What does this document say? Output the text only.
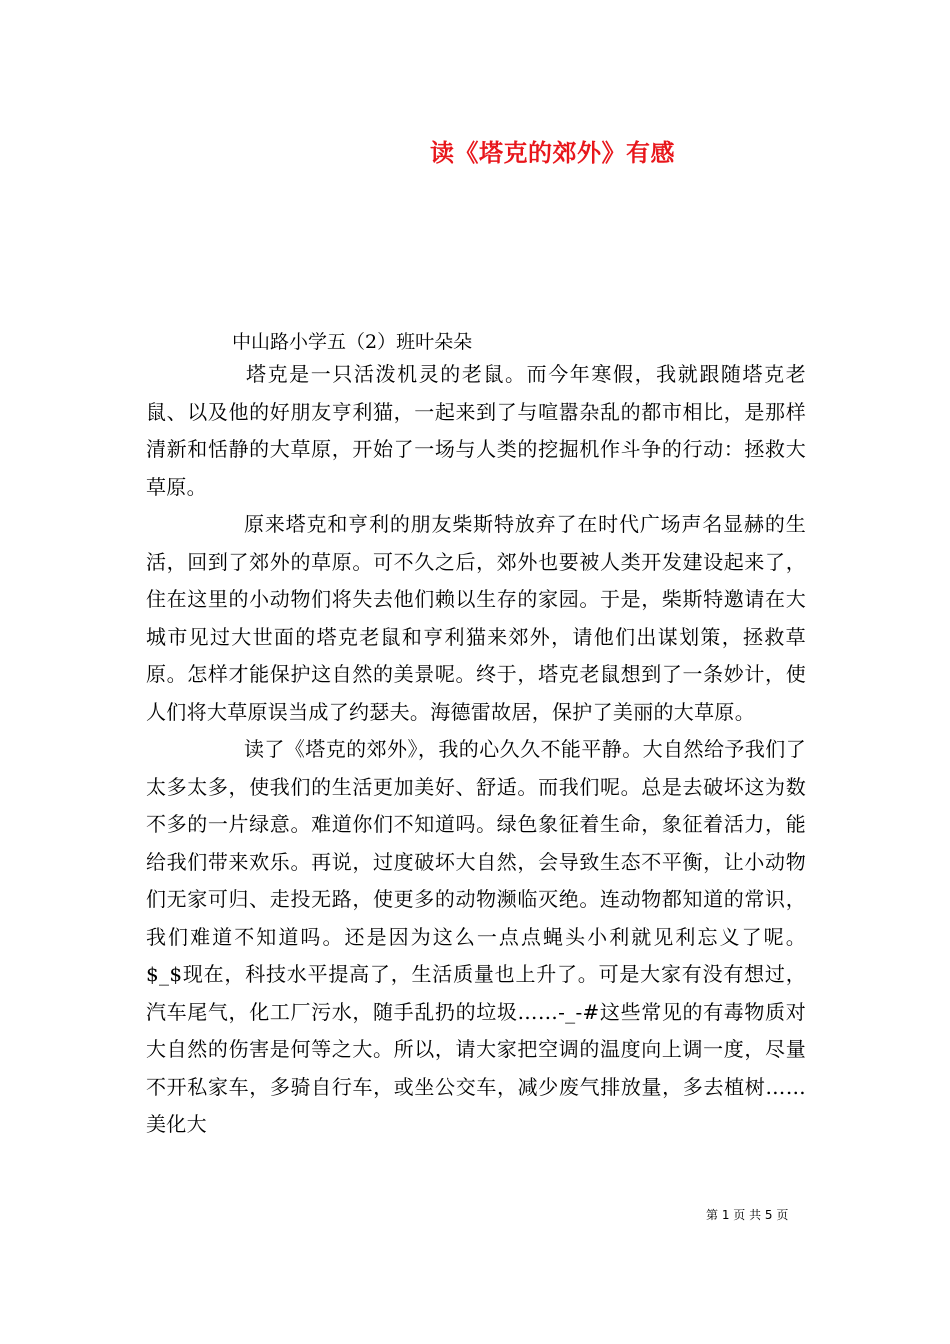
读《塔克的郊外》有感
中山路小学五（2）班叶朵朵

塔克是一只活泼机灵的老鼠。而今年寒假，我就跟随塔克老鼠、以及他的好朋友亨利猫，一起来到了与喧嚣杂乱的都市相比，是那样清新和恬静的大草原，开始了一场与人类的挖掘机作斗争的行动：拯救大草原。

原来塔克和亨利的朋友柴斯特放弃了在时代广场声名显赫的生活，回到了郊外的草原。可不久之后，郊外也要被人类开发建设起来了，住在这里的小动物们将失去他们赖以生存的家园。于是，柴斯特邀请在大城市见过大世面的塔克老鼠和亨利猫来郊外，请他们出谋划策，拯救草原。怎样才能保护这自然的美景呢。终于，塔克老鼠想到了一条妙计，使人们将大草原误当成了约瑟夫。海德雷故居，保护了美丽的大草原。

读了《塔克的郊外》，我的心久久不能平静。大自然给予我们了太多太多，使我们的生活更加美好、舒适。而我们呢。总是去破坏这为数不多的一片绿意。难道你们不知道吗。绿色象征着生命，象征着活力，能给我们带来欢乐。再说，过度破坏大自然，会导致生态不平衡，让小动物们无家可归、走投无路，使更多的动物濒临灭绝。连动物都知道的常识，我们难道不知道吗。还是因为这么一点点蝇头小利就见利忘义了呢。$_$现在，科技水平提高了，生活质量也上升了。可是大家有没有想过，汽车尾气，化工厂污水，随手乱扔的垃圾……-_-#这些常见的有毒物质对大自然的伤害是何等之大。所以，请大家把空调的温度向上调一度，尽量不开私家车，多骑自行车，或坐公交车，减少废气排放量，多去植树……美化大

第 1 页 共 5 页
